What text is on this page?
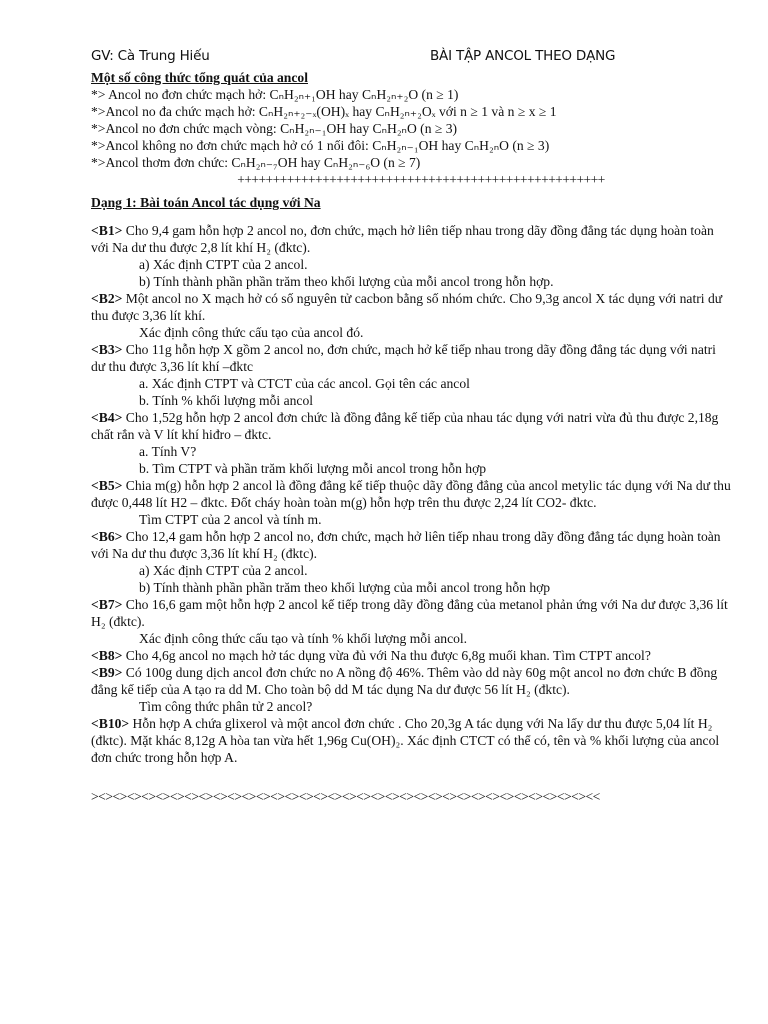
GV: Cà Trung Hiếu	BÀI TẬP ANCOL THEO DẠNG

Một số công thức tổng quát của ancol

*> Ancol no đơn chức mạch hở: CₙH₂ₙ₊₁OH hay CₙH₂ₙ₊₂O (n ≥ 1)

*>Ancol no đa chức mạch hở: CₙH₂ₙ₊₂₋ₓ(OH)ₓ hay CₙH₂ₙ₊₂Oₓ với n ≥ 1 và n ≥ x ≥ 1

*>Ancol no đơn chức mạch vòng: CₙH₂ₙ₋₁OH hay CₙH₂ₙO (n ≥ 3)

*>Ancol không no đơn chức mạch hở có 1 nối đôi: CₙH₂ₙ₋₁OH hay CₙH₂ₙO (n ≥ 3)

*>Ancol thơm đơn chức: CₙH₂ₙ₋₇OH hay CₙH₂ₙ₋₆O (n ≥ 7)

++++++++++++++++++++++++++++++++++++++++++++++++++++

Dạng 1: Bài toán Ancol tác dụng với Na

<B1> Cho 9,4 gam hỗn hợp 2 ancol no, đơn chức, mạch hở liên tiếp nhau trong dãy đồng đẳng tác dụng hoàn toàn với Na dư thu được 2,8 lít khí H₂ (đktc).

a) Xác định CTPT của 2 ancol.

b) Tính thành phần phần trăm theo khối lượng của mỗi ancol trong hỗn hợp.

<B2> Một ancol no X mạch hở có số nguyên tử cacbon bằng số nhóm chức. Cho 9,3g ancol X tác dụng với natri dư thu được 3,36 lít khí.

Xác định công thức cấu tạo của ancol đó.

<B3> Cho 11g hỗn hợp X gồm 2 ancol no, đơn chức, mạch hở kế tiếp nhau trong dãy đồng đẳng tác dụng với natri dư thu được 3,36 lít khí –đktc

a. Xác định CTPT và CTCT của các ancol. Gọi tên các ancol

b. Tính % khối lượng mỗi ancol

<B4> Cho 1,52g hỗn hợp 2 ancol đơn chức là đồng đẳng kế tiếp của nhau tác dụng với natri vừa đủ thu được 2,18g chất rắn và V lít khí hiđro – đktc.

a. Tính V?

b. Tìm CTPT và phần trăm khối lượng mỗi ancol trong hỗn hợp

<B5> Chia m(g) hỗn hợp 2 ancol là đồng đẳng kế tiếp thuộc dãy đồng đẳng của ancol metylic tác dụng với Na dư thu được 0,448 lít H2 – đktc. Đốt cháy hoàn toàn m(g) hỗn hợp trên thu được 2,24 lít CO2- đktc.

Tìm CTPT của 2 ancol và tính m.

<B6> Cho 12,4 gam hỗn hợp 2 ancol no, đơn chức, mạch hở liên tiếp nhau trong dãy đồng đẳng tác dụng hoàn toàn với Na dư thu được 3,36 lít khí H₂ (đktc).

a) Xác định CTPT của 2 ancol.

b) Tính thành phần phần trăm theo khối lượng của mỗi ancol trong hỗn hợp

<B7> Cho 16,6 gam một hỗn hợp 2 ancol kế tiếp trong dãy đồng đẳng của metanol phản ứng với Na dư được 3,36 lít H₂ (đktc).

Xác định công thức cấu tạo và tính % khối lượng mỗi ancol.

<B8> Cho 4,6g ancol no mạch hở tác dụng vừa đủ với Na thu được 6,8g muối khan. Tìm CTPT ancol?

<B9> Có 100g dung dịch ancol đơn chức no A nồng độ 46%. Thêm vào dd này 60g một ancol no đơn chức B đồng đẳng kế tiếp của A tạo ra dd M. Cho toàn bộ dd M tác dụng Na dư được 56 lít H₂ (đktc).

Tìm công thức phân tử 2 ancol?

<B10> Hỗn hợp A chứa glixerol và một ancol đơn chức . Cho 20,3g A tác dụng với Na lấy dư thu được 5,04 lít H₂ (đktc). Mặt khác 8,12g A hòa tan vừa hết 1,96g Cu(OH)₂. Xác định CTCT có thể có, tên và % khối lượng của ancol đơn chức trong hỗn hợp A.

><><><><><><><><><><><><><><><><><><><><><><><><><><><><><><><><><><><<
